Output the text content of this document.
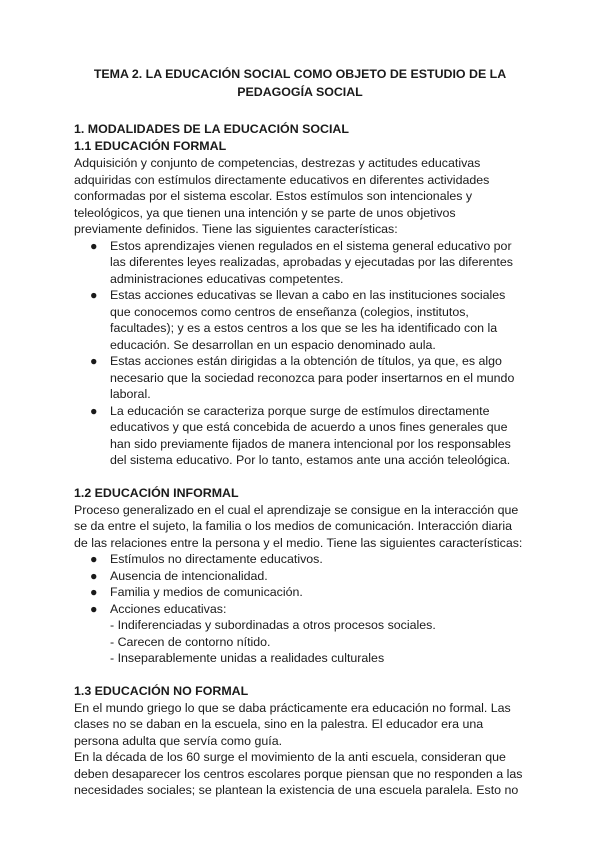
TEMA 2. LA EDUCACIÓN SOCIAL COMO OBJETO DE ESTUDIO DE LA
PEDAGOGÍA SOCIAL
1. MODALIDADES DE LA EDUCACIÓN SOCIAL
1.1 EDUCACIÓN FORMAL

Adquisición y conjunto de competencias, destrezas y actitudes educativas adquiridas con estímulos directamente educativos en diferentes actividades conformadas por el sistema escolar. Estos estímulos son intencionales y teleológicos, ya que tienen una intención y se parte de unos objetivos previamente definidos. Tiene las siguientes características:

● Estos aprendizajes vienen regulados en el sistema general educativo por las diferentes leyes realizadas, aprobadas y ejecutadas por las diferentes administraciones educativas competentes.
● Estas acciones educativas se llevan a cabo en las instituciones sociales que conocemos como centros de enseñanza (colegios, institutos, facultades); y es a estos centros a los que se les ha identificado con la educación. Se desarrollan en un espacio denominado aula.
● Estas acciones están dirigidas a la obtención de títulos, ya que, es algo necesario que la sociedad reconozca para poder insertarnos en el mundo laboral.
● La educación se caracteriza porque surge de estímulos directamente educativos y que está concebida de acuerdo a unos fines generales que han sido previamente fijados de manera intencional por los responsables del sistema educativo. Por lo tanto, estamos ante una acción teleológica.
1.2 EDUCACIÓN INFORMAL

Proceso generalizado en el cual el aprendizaje se consigue en la interacción que se da entre el sujeto, la familia o los medios de comunicación. Interacción diaria de las relaciones entre la persona y el medio. Tiene las siguientes características:

● Estímulos no directamente educativos.
● Ausencia de intencionalidad.
● Familia y medios de comunicación.
● Acciones educativas:
- Indiferenciadas y subordinadas a otros procesos sociales.
- Carecen de contorno nítido.
- Inseparablemente unidas a realidades culturales
1.3 EDUCACIÓN NO FORMAL

En el mundo griego lo que se daba prácticamente era educación no formal. Las clases no se daban en la escuela, sino en la palestra. El educador era una persona adulta que servía como guía.

En la década de los 60 surge el movimiento de la anti escuela, consideran que deben desaparecer los centros escolares porque piensan que no responden a las necesidades sociales; se plantean la existencia de una escuela paralela. Esto no
